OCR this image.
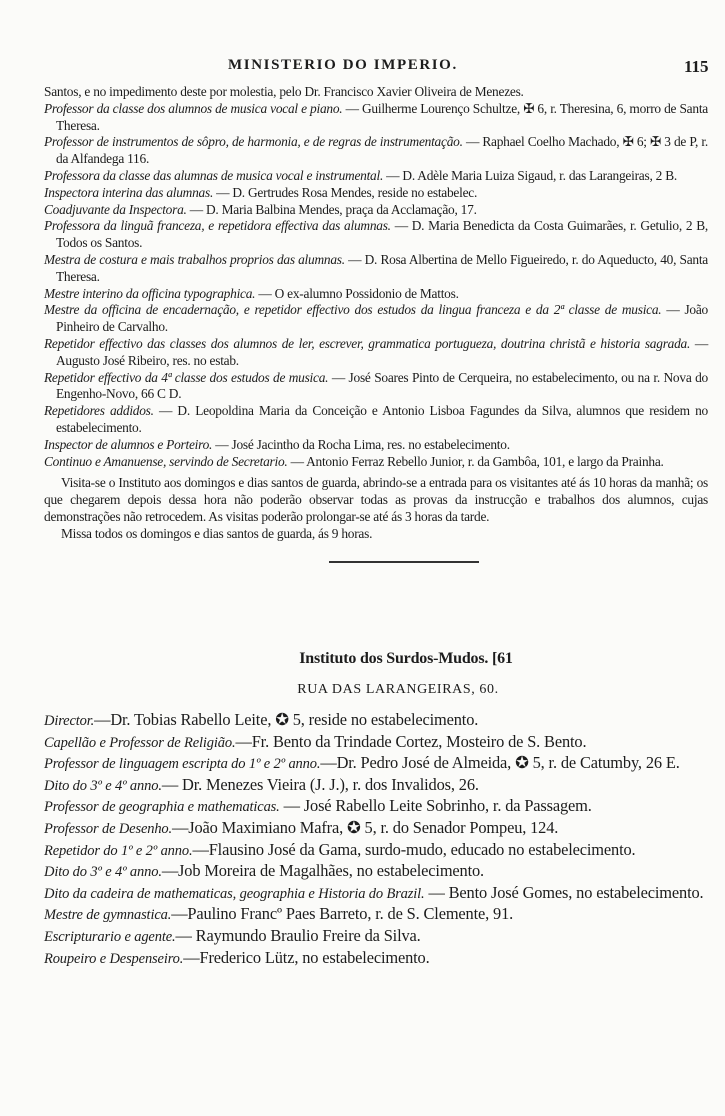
MINISTERIO DO IMPERIO.	115

Santos, e no impedimento deste por molestia, pelo Dr. Francisco Xavier Oliveira de Menezes.

Professor da classe dos alumnos de musica vocal e piano. — Guilherme Lourenço Schultze, ✠ 6, r. Theresina, 6, morro de Santa Theresa.

Professor de instrumentos de sôpro, de harmonia, e de regras de instrumentação. — Raphael Coelho Machado, ✠ 6; ✠ 3 de P, r. da Alfandega 116.

Professora da classe das alumnas de musica vocal e instrumental. — D. Adèle Maria Luiza Sigaud, r. das Larangeiras, 2 B.

Inspectora interina das alumnas. — D. Gertrudes Rosa Mendes, reside no estabelec.

Coadjuvante da Inspectora. — D. Maria Balbina Mendes, praça da Acclamação, 17.

Professora da linguã franceza, e repetidora effectiva das alumnas. — D. Maria Benedicta da Costa Guimarães, r. Getulio, 2 B, Todos os Santos.

Mestra de costura e mais trabalhos proprios das alumnas. — D. Rosa Albertina de Mello Figueiredo, r. do Aqueducto, 40, Santa Theresa.

Mestre interino da officina typographica. — O ex-alumno Possidonio de Mattos.

Mestre da officina de encadernação, e repetidor effectivo dos estudos da lingua franceza e da 2ª classe de musica. — João Pinheiro de Carvalho.

Repetidor effectivo das classes dos alumnos de ler, escrever, grammatica portugueza, doutrina christã e historia sagrada. — Augusto José Ribeiro, res. no estab.

Repetidor effectivo da 4ª classe dos estudos de musica. — José Soares Pinto de Cerqueira, no estabelecimento, ou na r. Nova do Engenho-Novo, 66 C D.

Repetidores addidos. — D. Leopoldina Maria da Conceição e Antonio Lisboa Fagundes da Silva, alumnos que residem no estabelecimento.

Inspector de alumnos e Porteiro. — José Jacintho da Rocha Lima, res. no estabelecimento.

Continuo e Amanuense, servindo de Secretario. — Antonio Ferraz Rebello Junior, r. da Gambôa, 101, e largo da Prainha.

Visita-se o Instituto aos domingos e dias santos de guarda, abrindo-se a entrada para os visitantes até ás 10 horas da manhã; os que chegarem depois dessa hora não poderão observar todas as provas da instrucção e trabalhos dos alumnos, cujas demonstrações não retrocedem. As visitas poderão prolongar-se até ás 3 horas da tarde.

Missa todos os domingos e dias santos de guarda, ás 9 horas.

Instituto dos Surdos-Mudos. [61
RUA DAS LARANGEIRAS, 60.

Director.—Dr. Tobias Rabello Leite, ✪ 5, reside no estabelecimento.

Capellão e Professor de Religião.—Fr. Bento da Trindade Cortez, Mosteiro de S. Bento.

Professor de linguagem escripta do 1º e 2º anno.—Dr. Pedro José de Almeida, ✪ 5, r. de Catumby, 26 E.

Dito do 3º e 4º anno.— Dr. Menezes Vieira (J. J.), r. dos Invalidos, 26.

Professor de geographia e mathematicas. — José Rabello Leite Sobrinho, r. da Passagem.

Professor de Desenho.—João Maximiano Mafra, ✪ 5, r. do Senador Pompeu, 124.

Repetidor do 1º e 2º anno.—Flausino José da Gama, surdo-mudo, educado no estabelecimento.

Dito do 3º e 4º anno.—Job Moreira de Magalhães, no estabelecimento.

Dito da cadeira de mathematicas, geographia e Historia do Brazil. — Bento José Gomes, no estabelecimento.

Mestre de gymnastica.—Paulino Francº Paes Barreto, r. de S. Clemente, 91.

Escripturario e agente.— Raymundo Braulio Freire da Silva.

Roupeiro e Despenseiro.—Frederico Lütz, no estabelecimento.
